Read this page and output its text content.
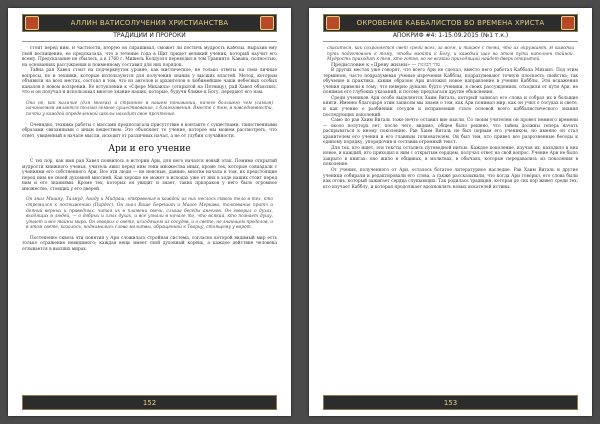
АЛЛИН ВАТИСОЛУЧЕНИЯ ХРИСТИАНСТВА
ТРАДИЦИИ И ПРОРОКИ

стоит перед ним. В частности, вторую он спрашивал, сможет ли постичь мудрость Кабблы. Выразив ему свой восхищение, ее предсказала, что в течение года в Щит придет великий ученик, который научит его всему. Предсказание не сбылось, а в 1760 г. Мишель Колдуэлл переводил в том Трапинто. Кавана, полностью, на основаниях рассуждения и поименному составил для них порядок.

Тайна рая Хавел стоит на подчеркнутом уровне, как мистическое, не только ответы на свои личные вопросы, но и техники, которые используются для получения знания у высших властей. Метод, которым объявили на всех местах, состоял в том, что из ангелов и архангелов в любимейшие чаши небесных особых каналов в новом воззрении. Во вступлении к «Сфере Михаила» (открытой на Пятницу), рай Хавел объяснил, что и он получал и использовал многое знание наших, которые, будучи ближе к Богу, передают его нам.

Она не, как наличие (для многих) и странное в нашем понимании, ничего большего чем (самим) начинаемом является только земное существование, с благоговения. Вместе с тем, в повседневности, почти у каждой определенной школы находит свое прочтение.

Очевидно, техника работы с массами предполагала присутствие в контакте с существами, таинственными образами связанными с иным веществом. Это объясняет то учение, которое мы можем рассмотреть, что ответ, увиденный в начале мысли, исходит от различных начал, а не от глубин случайности.

Ари и его учение

С тех пор, как имя рая Хавел появилось в истории Ари, для него начался новый этап. Помимо открытий мудрости книжного ученья, учитель явил перед ним тени множества иных, кроме тех, которые совпадали с учениями его собственного Ари. Все эти люди — не неясные, давние, многие начала в том, их предстоящие перед ним не своей духовной миссией. Как хорошо не может в исходах уже от них в ходе наших стоит перед ним и его знаниями. Кроме тех, которых он увидит и знает, таких призраков у него было огромное множество, стоящих у его дверей.

Он знал Мишну, Талмуд, Агаду и Мидраш; откровения в каждой из них неслось сквозь тела в тех, кто стремился к постижению (Пардес). Он знал Ваше Берешит и Маасе Меркава, толкование притч и деяний верных и праведных, читая их в пламени свечи, слыша беседы ангелов. Он говорил о духах, входящих в людей, — о добрых и злых духах, и все узнали в начале то, что всякий, кто познает душу, узнает и все тайны мира. Он говорил о свете, исходящем из сосудов, и о свете, не знающем пределов, и в этом свете, казалось, поднимались слова молитвы, обращенной к Творцу, стоящему у ворот.

Постепенно сквозь эти понятия у Ари сложилась стройная система, согласно которой видимый мир есть только отражение невидимого; каждая вещь имеет свой духовный корень, а каждое действие человека отзывается в высших мирах.

152
ОКРОВЕНИЕ КАББАЛИСТОВ ВО ВРЕМЕНА ХРИСТА
АПОКРИФ #4: 1-15.09.2015 (№1 т.к.)

спасаться, как сохраняется свет среди всех, за всем, и также с теми, что их окружают. И каждый путь подготовлен к тому, чтобы взойти к Богу, и каждый шаг на этом пути наполнен тайной. Мудрость приходит к тем, кто готов, но не всякий приходящий найдет дверь открытой.

Предисловие к «Древу жизни» — סדר הכוונות

В других местах уже говорят, что всего Ари не сделал, вместо него работал Каббала Михаил. Под этим термином, часто подразумевая ученые изречения Кабблы, подразумевают точную плоскость свойства; так обучение и практика, каким образом Ари изложил новое направление в учении Кабблы. Эти искажения учения привели к тому, что неверно думали: будто ученики, в своих рассуждениях, отходили от пути Ари, не понимая его глубоких указаний, и потому предлагали другие объяснения.

Среди учеников Ари особо выделяется Хаим Виталь, который записал его слова и собрал их в большие книги. Именно благодаря этим записям мы знаем о том, как Ари понимал мир, как он учил о сосудах и свете, и как учение о разбиении сосудов и исправлении стало основой всего каббалистического знания последующих поколений.

Само по рав Хаим Виталь тоже нечто оставил вне мысли. Со своим учителем он провел немного времени — около полутора лет, после чего, видимо, общее было решено, что тайны должны теперь начать раскрываться к иному поколению. Рав Хаим Виталь не был первым его учеником, но именно он стал хранителем его учения и его главным толкователем. Он был тем, кто привел все разрозненные беседы к единому порядку, упорядочив и составив огромный текст.

Для тех, кто ищет, эти тексты остались путеводной нитью. Каждое поколение, изучая их, находило в них новое, и каждый, кто приходил к ним с открытым сердцем, получал ответ на свой вопрос. Учение Ари не было закрыто в книгах: оно жило в общинах, в молитвах, в обычаях, которые передавались из поколения в поколение.

От учения, полученного от Ари, осталось богатое литературное наследие. Рав Хаим Виталь и другие ученики собирали и редактировали его слова, а также рассказывали, что когда Ари говорил, его слова были как огонь, который зажигает сердца слушающих. Так родилась традиция, которая до сих пор живет среди тех, кто изучает Кабблу, и которая продолжает вдохновлять новых искателей истины.

153
